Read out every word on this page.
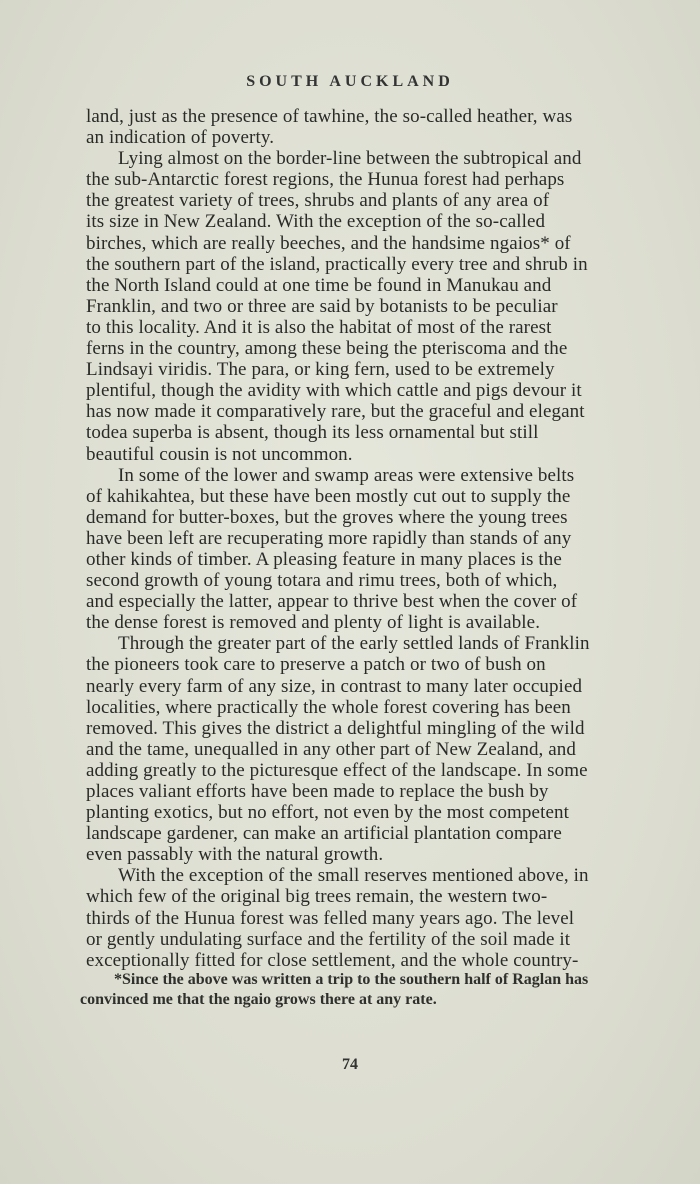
SOUTH AUCKLAND
land, just as the presence of tawhine, the so-called heather, was
an indication of poverty.
Lying almost on the border-line between the subtropical and
the sub-Antarctic forest regions, the Hunua forest had perhaps
the greatest variety of trees, shrubs and plants of any area of
its size in New Zealand. With the exception of the so-called
birches, which are really beeches, and the handsime ngaios* of
the southern part of the island, practically every tree and shrub in
the North Island could at one time be found in Manukau and
Franklin, and two or three are said by botanists to be peculiar
to this locality. And it is also the habitat of most of the rarest
ferns in the country, among these being the pteriscoma and the
Lindsayi viridis. The para, or king fern, used to be extremely
plentiful, though the avidity with which cattle and pigs devour it
has now made it comparatively rare, but the graceful and elegant
todea superba is absent, though its less ornamental but still
beautiful cousin is not uncommon.
In some of the lower and swamp areas were extensive belts
of kahikahtea, but these have been mostly cut out to supply the
demand for butter-boxes, but the groves where the young trees
have been left are recuperating more rapidly than stands of any
other kinds of timber. A pleasing feature in many places is the
second growth of young totara and rimu trees, both of which,
and especially the latter, appear to thrive best when the cover of
the dense forest is removed and plenty of light is available.
Through the greater part of the early settled lands of Franklin
the pioneers took care to preserve a patch or two of bush on
nearly every farm of any size, in contrast to many later occupied
localities, where practically the whole forest covering has been
removed. This gives the district a delightful mingling of the wild
and the tame, unequalled in any other part of New Zealand, and
adding greatly to the picturesque effect of the landscape. In some
places valiant efforts have been made to replace the bush by
planting exotics, but no effort, not even by the most competent
landscape gardener, can make an artificial plantation compare
even passably with the natural growth.
With the exception of the small reserves mentioned above, in
which few of the original big trees remain, the western two-
thirds of the Hunua forest was felled many years ago. The level
or gently undulating surface and the fertility of the soil made it
exceptionally fitted for close settlement, and the whole country-
*Since the above was written a trip to the southern half of Raglan has
convinced me that the ngaio grows there at any rate.
74
